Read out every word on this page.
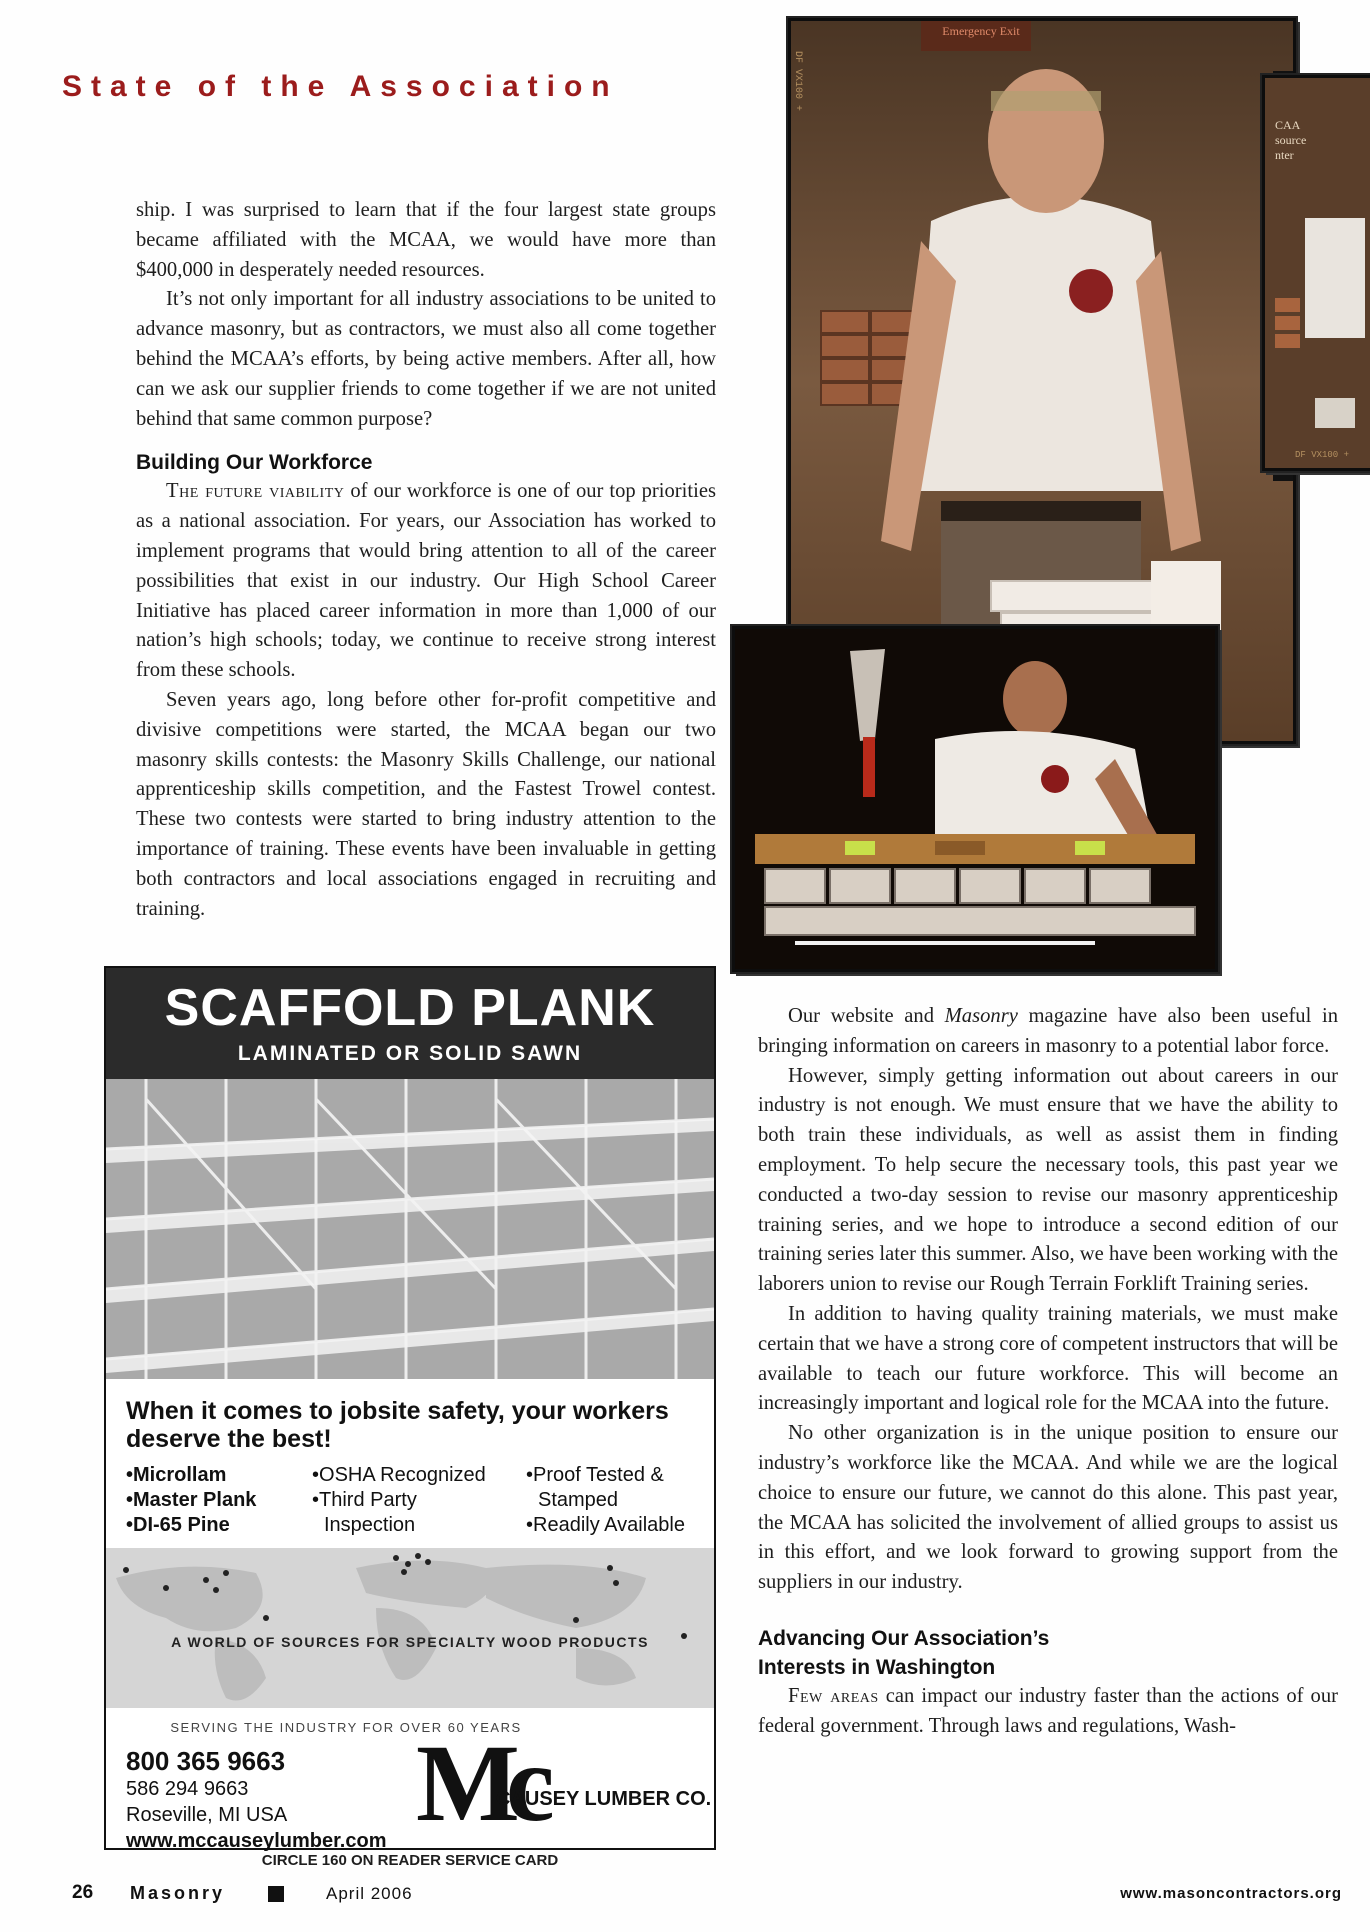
State of the Association

ship. I was surprised to learn that if the four largest state groups became affiliated with the MCAA, we would have more than $400,000 in desperately needed resources.

It’s not only important for all industry associations to be united to advance masonry, but as contractors, we must also all come together behind the MCAA’s efforts, by being active members. After all, how can we ask our supplier friends to come together if we are not united behind that same common purpose?

Building Our Workforce

The future viability of our workforce is one of our top priorities as a national association. For years, our Association has worked to implement programs that would bring attention to all of the career possibilities that exist in our industry. Our High School Career Initiative has placed career information in more than 1,000 of our nation’s high schools; today, we continue to receive strong interest from these schools.

Seven years ago, long before other for-profit competitive and divisive competitions were started, the MCAA began our two masonry skills contests: the Masonry Skills Challenge, our national apprenticeship skills competition, and the Fastest Trowel contest. These two contests were started to bring industry attention to the importance of training. These events have been invaluable in getting both contractors and local associations engaged in recruiting and training.

DF VX100 +
Emergency Exit
CAA source nter
DF VX100 +
SCAFFOLD PLANK
LAMINATED OR SOLID SAWN
When it comes to jobsite safety, your workers deserve the best!
•Microllam
•Master Plank
•DI-65 Pine
•OSHA Recognized
•Third Party
Inspection
•Proof Tested &
Stamped
•Readily Available
A WORLD OF SOURCES FOR SPECIALTY WOOD PRODUCTS
SERVING THE INDUSTRY FOR OVER 60 YEARS
800 365 9663
586 294 9663
Roseville, MI USA
www.mccauseylumber.com Mc
CAUSEY LUMBER CO.
CIRCLE 160 ON READER SERVICE CARD

Our website and Masonry magazine have also been useful in bringing information on careers in masonry to a potential labor force.

However, simply getting information out about careers in our industry is not enough. We must ensure that we have the ability to both train these individuals, as well as assist them in finding employment. To help secure the necessary tools, this past year we conducted a two-day session to revise our masonry apprenticeship training series, and we hope to introduce a second edition of our training series later this summer. Also, we have been working with the laborers union to revise our Rough Terrain Forklift Training series.

In addition to having quality training materials, we must make certain that we have a strong core of competent instructors that will be available to teach our future workforce. This will become an increasingly important and logical role for the MCAA into the future.

No other organization is in the unique position to ensure our industry’s workforce like the MCAA. And while we are the logical choice to ensure our future, we cannot do this alone. This past year, the MCAA has solicited the involvement of allied groups to assist us in this effort, and we look forward to growing support from the suppliers in our industry.

Advancing Our Association’s
Interests in Washington

Few areas can impact our industry faster than the actions of our federal government. Through laws and regulations, Wash-

26 Masonry	April 2006	www.masoncontractors.org
